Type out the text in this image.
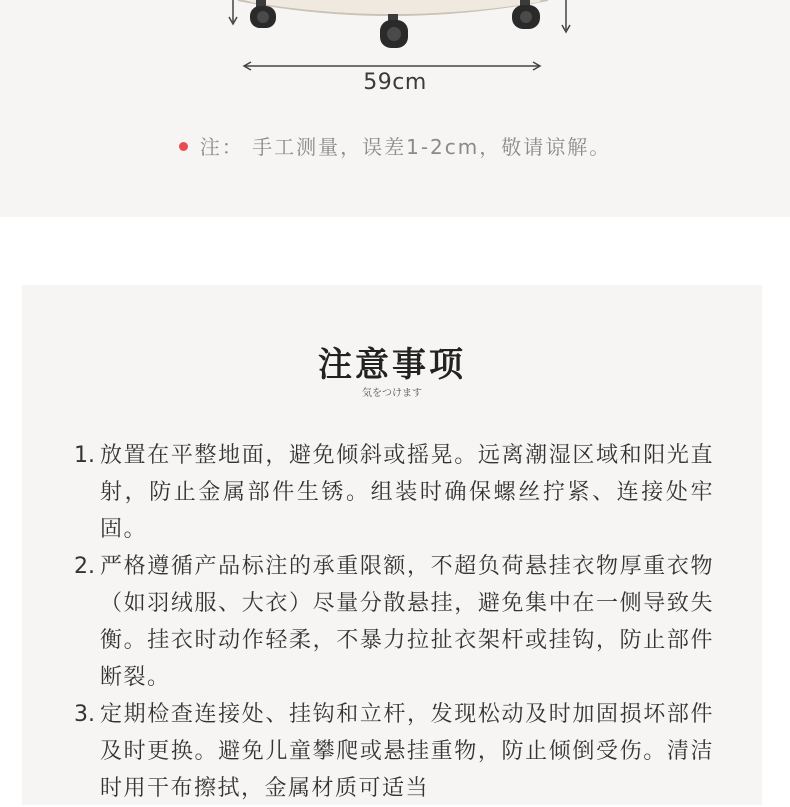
59cm
注： 手工测量，误差1-2cm，敬请谅解。
注意事项
気をつけます
1. 放置在平整地面，避免倾斜或摇晃。远离潮湿区域和阳光直射，防止金属部件生锈。组装时确保螺丝拧紧、连接处牢固。
2. 严格遵循产品标注的承重限额，不超负荷悬挂衣物厚重衣物（如羽绒服、大衣）尽量分散悬挂，避免集中在一侧导致失衡。挂衣时动作轻柔，不暴力拉扯衣架杆或挂钩，防止部件断裂。
3. 定期检查连接处、挂钩和立杆，发现松动及时加固损坏部件及时更换。避免儿童攀爬或悬挂重物，防止倾倒受伤。清洁时用干布擦拭，金属材质可适当
